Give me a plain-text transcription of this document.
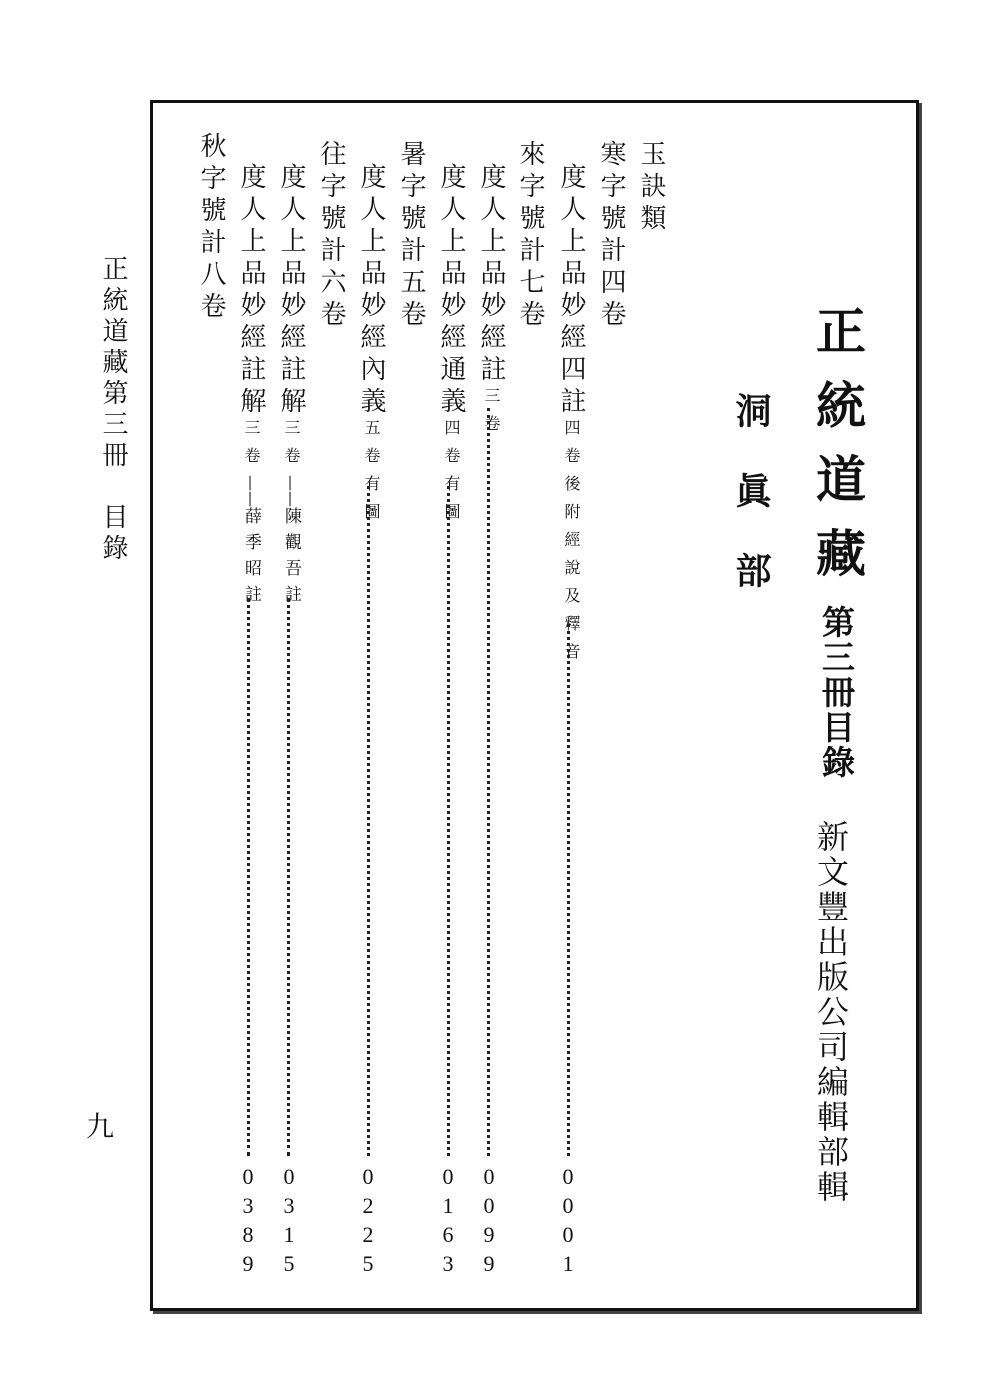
正統道藏
第三冊目錄
洞眞部
新文豐出版公司編輯部輯
玉訣類
寒字號計四卷
度人上品妙經四註四卷後附經說及釋音
0
0
0
1
來字號計七卷
度人上品妙經註三卷
0
0
9
9
度人上品妙經通義四卷有圖
0
1
6
3
暑字號計五卷
度人上品妙經內義五卷有圖
0
2
2
5
往字號計六卷
度人上品妙經註解三卷——陳觀吾註
0
3
1
5
度人上品妙經註解三卷——薛季昭註
0
3
8
9
秋字號計八卷
正統道藏第三冊　目錄
九
